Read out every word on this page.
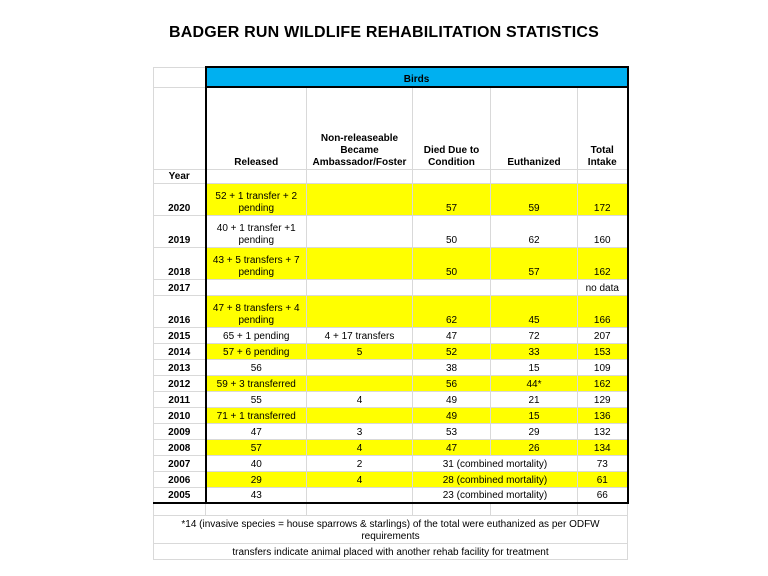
BADGER RUN WILDLIFE REHABILITATION STATISTICS
	Birds				
	Released	Non-releaseable Became Ambassador/Foster	Died Due to Condition	Euthanized	Total Intake
Year					
2020	52 + 1 transfer + 2 pending		57	59	172
2019	40 + 1 transfer +1 pending		50	62	160
2018	43 + 5 transfers + 7 pending		50	57	162
2017					no data
2016	47 + 8 transfers + 4 pending		62	45	166
2015	65 + 1 pending	4 + 17 transfers	47	72	207
2014	57 + 6 pending	5	52	33	153
2013	56		38	15	109
2012	59 + 3 transferred		56	44*	162
2011	55	4	49	21	129
2010	71 + 1 transferred		49	15	136
2009	47	3	53	29	132
2008	57	4	47	26	134
2007	40	2	31 (combined mortality)		73
2006	29	4	28 (combined mortality)		61
2005	43		23 (combined mortality)		66

*14 (invasive species = house sparrows & starlings) of the total were euthanized as per ODFW requirements					
transfers indicate animal placed with another rehab facility for treatment					
